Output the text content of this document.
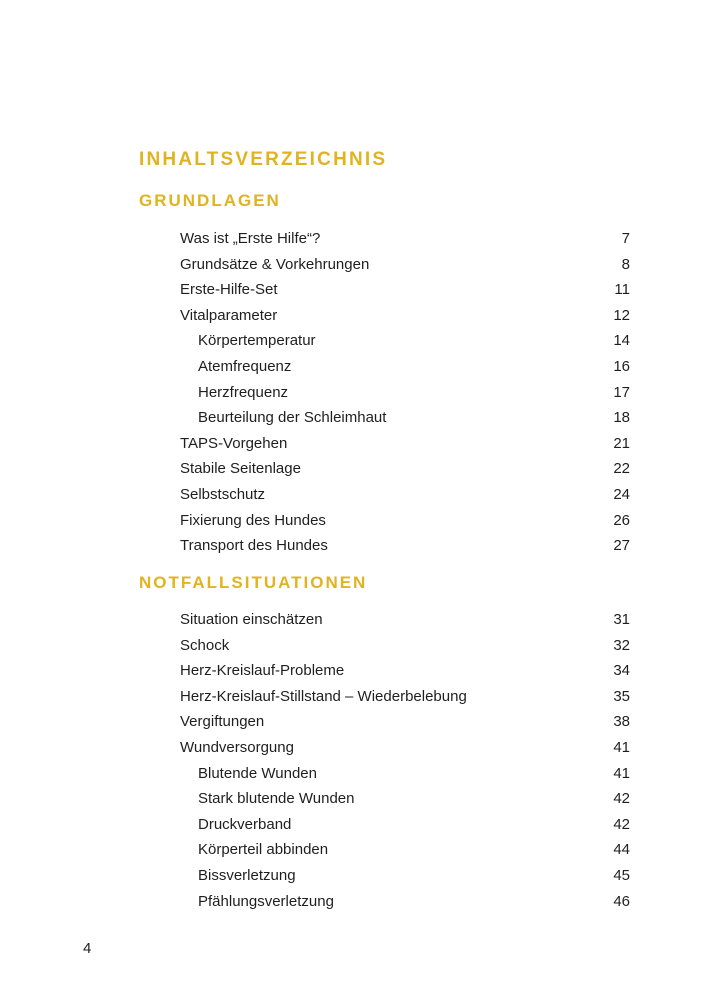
INHALTSVERZEICHNIS
GRUNDLAGEN
Was ist „Erste Hilfe“?	7
Grundsätze & Vorkehrungen	8
Erste-Hilfe-Set	11
Vitalparameter	12
Körpertemperatur	14
Atemfrequenz	16
Herzfrequenz	17
Beurteilung der Schleimhaut	18
TAPS-Vorgehen	21
Stabile Seitenlage	22
Selbstschutz	24
Fixierung des Hundes	26
Transport des Hundes	27
NOTFALLSITUATIONEN
Situation einschätzen	31
Schock	32
Herz-Kreislauf-Probleme	34
Herz-Kreislauf-Stillstand – Wiederbelebung	35
Vergiftungen	38
Wundversorgung	41
Blutende Wunden	41
Stark blutende Wunden	42
Druckverband	42
Körperteil abbinden	44
Bissverletzung	45
Pfählungsverletzung	46
4
